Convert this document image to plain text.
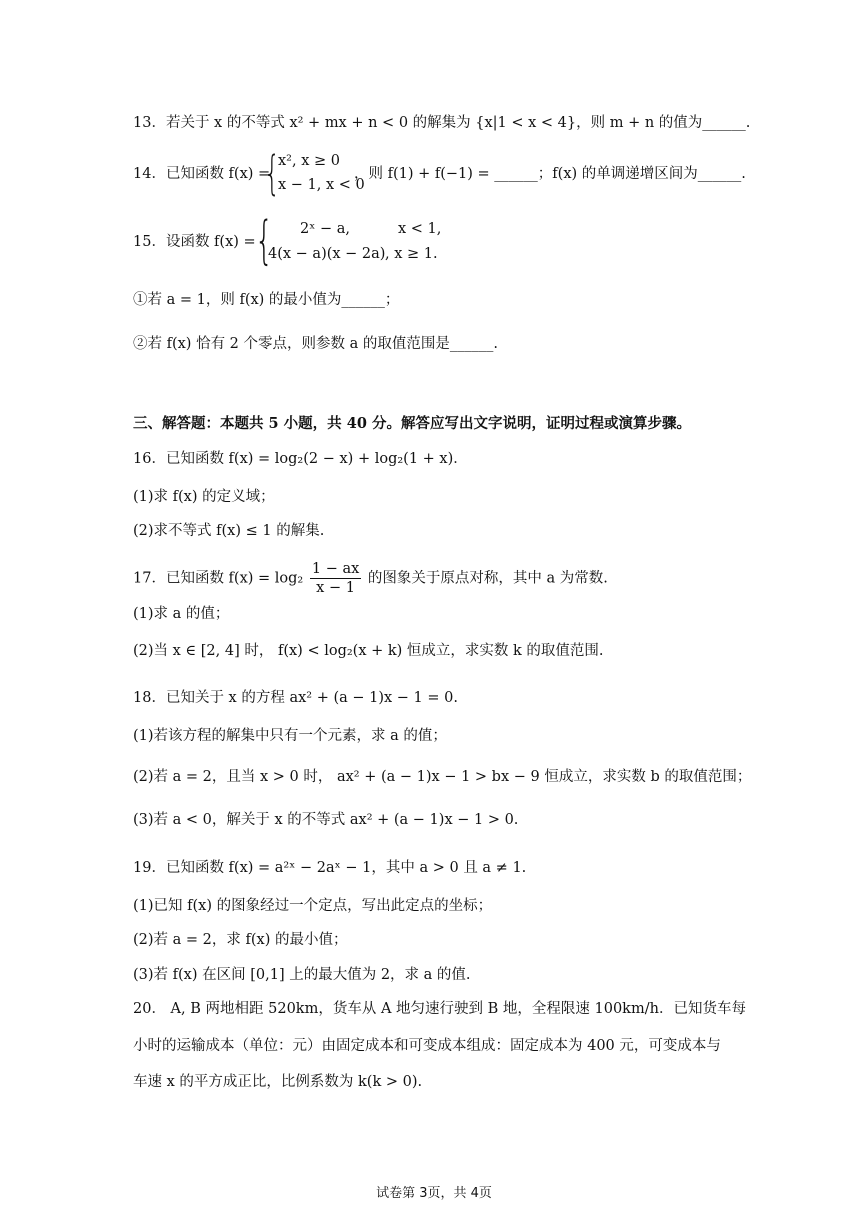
13．若关于 x 的不等式 x² + mx + n < 0 的解集为 {x|1 < x < 4}，则 m + n 的值为______.
14．已知函数 f(x) =
{
x², x ≥ 0
x − 1, x < 0
，则 f(1) + f(−1) = ______；f(x) 的单调递增区间为______.
15．设函数 f(x) = { 2ˣ − a,	x < 1,
4(x − a)(x − 2a) , x ≥ 1.
①若 a = 1，则 f(x) 的最小值为______；
②若 f(x) 恰有 2 个零点，则参数 a 的取值范围是______.
三、解答题：本题共 5 小题，共 40 分。解答应写出文字说明，证明过程或演算步骤。
16．已知函数 f(x) = log₂(2 − x) + log₂(1 + x)．
(1)求 f(x) 的定义域；
(2)求不等式 f(x) ≤ 1 的解集.
17．已知函数 $f(x) = \log_2 \frac{1 - ax}{x - 1}$ 的图象关于原点对称，其中 a 为常数.
(1)求 a 的值；
(2)当 x ∈ [2, 4] 时， f(x) < log₂(x + k) 恒成立，求实数 k 的取值范围.
18．已知关于 x 的方程 ax² + (a − 1)x − 1 = 0.
(1)若该方程的解集中只有一个元素，求 a 的值；
(2)若 a = 2，且当 x > 0 时， ax² + (a − 1)x − 1 > bx − 9 恒成立，求实数 b 的取值范围；
(3)若 a < 0，解关于 x 的不等式 ax² + (a − 1)x − 1 > 0.
19．已知函数 f(x) = a²ˣ − 2aˣ − 1，其中 a > 0 且 a ≠ 1.
(1)已知 f(x) 的图象经过一个定点，写出此定点的坐标；
(2)若 a = 2，求 f(x) 的最小值；
(3)若 f(x) 在区间 [0,1] 上的最大值为 2，求 a 的值.
20． A, B 两地相距 520km，货车从 A 地匀速行驶到 B 地，全程限速 100km/h．已知货车每
小时的运输成本（单位：元）由固定成本和可变成本组成：固定成本为 400 元，可变成本与
车速 x 的平方成正比，比例系数为 k(k > 0).
试卷第 3页，共 4页
